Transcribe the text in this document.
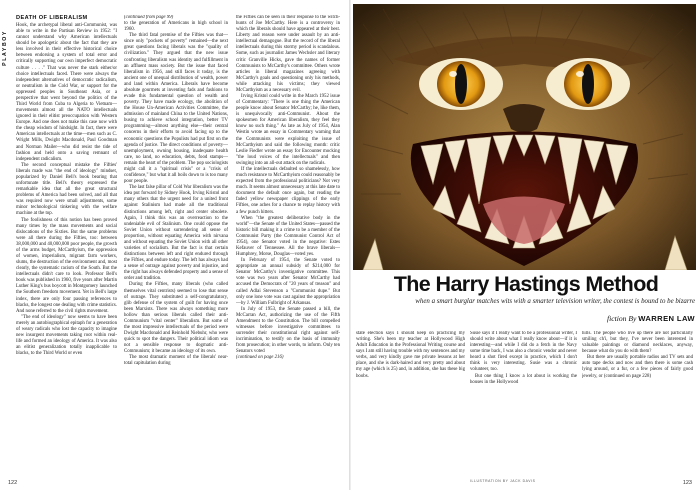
PLAYBOY
DEATH OF LIBERALISM

Hook, the archetypal liberal anti-Communist, was able to write in the Partisan Review in 1952: "I cannot understand why American intellectuals should be apologetic about the fact that they are less involved in their effective historical choice between endorsing a system of total error and critically supporting our own imperfect democratic culture . . . ." That was never the stark either/or choice intellectuals faced. There were always the independent alternatives of democratic radicalism, or neutralism in the Cold War, or support for the oppressed peoples in Southeast Asia, or a perspective that went beyond the politics of the Third World from Cuba to Algeria to Vietnam—movements almost all the NATO intellectuals ignored in their elitist preoccupation with Western Europe. And one does not make this case now with the cheap wisdom of hindsight. In fact, there were American intellectuals at the time—men such as C. Wright Mills, Dwight Macdonald, Paul Goodman and Norman Mailer—who did resist the tide of fashion and held onto a saving remnant of independent radicalism.

The second conceptual mistake the Fifties' liberals made was "the end of ideology" mindset, popularized by Daniel Bell's book bearing that unfortunate title. Bell's theory expressed the remarkable idea that all the great structural problems of America had been solved, and all that was required now were small adjustments, some minor technological tinkering with the welfare machine at the top.

The foolishness of this notion has been proved many times by the mass movements and social dislocations of the Sixties. But the same problems were all there during the Fifties, too: between 38,000,000 and 40,000,000 poor people, the growth of the arms budget, McCarthyism, the oppression of women, imperialism, migrant farm workers, slums, the destruction of the environment and, most clearly, the systematic racism of the South. But the intellectuals didn't care to look. Professor Bell's book was published in 1960, five years after Martin Luther King's bus boycott in Montgomery launched the Southern freedom movement. Yet in Bell's large index, there are only four passing references to blacks, the longest one dealing with crime statistics. And none referred to the civil rights movement.

"The end of ideology" now seems to have been merely an autobiographical epitaph for a generation of weary radicals who lost the capacity to imagine new insurgent movements taking root within real-life and formed an ideology of America. It was also an elitist generalization totally inapplicable to blacks, to the Third World or even

(continued from page 99)

to the generation of Americans in high school in 1960.

The third fatal premise of the Fifties was that—since only "pockets of poverty" remained—the next great questions facing liberals was the "quality of civilization." They argued that the new issue confronting liberalism was identity and fulfillment in an affluent mass society. But the issue that faced liberalism in 1956, and still faces it today, is the ancient one of unequal distribution of wealth, power and land within America. Liberals have become absolute gourmets at inventing fads and fashions to evade this fundamental question of wealth and poverty. They have made ecology, the abolition of the House Un-American Activities Committee, the admission of mainland China to the United Nations, busing to achieve school integration, better TV programming—almost anything else—their central concerns in their efforts to avoid facing up to the economic questions the Populists had put first on the agenda of justice. The direct conditions of poverty—unemployment, owning housing, inadequate health care, no land, no education, debts, food stamps—remain the heart of the problem. The pop sociologists might call it a "spiritual crisis" or a "crisis of confidence," but what it all boils down to is too many poor people.

The last false pillar of Cold War liberalism was the idea put forward by Sidney Hook, Irving Kristol and many others that the urgent need for a united front against Stalinism had made all the traditional distinctions among left, right and center obsolete. Again, I think this was an overreaction to the undeniable evil of Stalinism. One could oppose the Soviet Union without surrendering all sense of proportion, without equating America with nirvana and without equating the Soviet Union with all other varieties of socialism. But the fact is that certain distinctions between left and right endured through the Fifties, and endure today. The left has always had a sense of outrage against poverty and injustice, and the right has always defended property and a sense of order and tradition.

During the Fifties, many liberals (who called themselves vital centrists) seemed to lose that sense of outrage. They substituted a self-congratulatory, glib defense of the system of guilt for having once been Marxists. There was always something more hollow than serious liberals called their anti-Communism "vital center" liberalism. But some of the most impressive intellectuals of the period were Dwight Macdonald and Reinhold Niebuhr, who were quick to spot the dangers. Their political idiom was not a sensible response to dogmatic anti-Communism; it became an ideology of its own.

The most dramatic moment of the liberals' near-total capitulation during

the Fifties can be seen in their response to the witch-hunts of Joe McCarthy. Here is a controversy in which the liberals should have appeared at their best. Liberty and reason were under assault by an anti-intellectual demagogue. But the record of the liberal intellectuals during this stormy period is scandalous. Some, such as journalist James Wechsler and literary critic Granville Hicks, gave the names of former Communists to McCarthy's committee. Others wrote articles in liberal magazines agreeing with McCarthy's goals and questioning only his methods, while attacking his victims; they viewed McCarthyism as a necessary evil.

Irving Kristol could write in the March 1952 issue of Commentary: "There is one thing the American people know about Senator McCarthy; he, like them, is unequivocally anti-Communist. About the spokesmen for American liberalism, they feel they know no such thing." As late as July of 1954, Alan Westin wrote an essay in Commentary warning that the Communists were exploiting the issue of McCarthyism and said the following month: critic Leslie Fiedler wrote an essay for Encounter mocking "the loud voices of the intellectuals" and then swinging into an all-out attack on the radicals.

If the intellectuals defaulted so shamelessly, how much resistance to McCarthyism could reasonably be expected from the professional politicians? Not very much. It seems almost unnecessary at this late date to document the default once again, but reading the faded yellow newspaper clippings of the early Fifties, one aches for a chance to replay history with a few punch hitters.

When "the greatest deliberative body in the world"—the Senate of the United States—passed the historic bill making it a crime to be a member of the Communist Party (the Communist Control Act of 1954), one Senator voted in the negative: Estes Kefauver of Tennessee. All the brave liberals—Humphrey, Morse, Douglas—voted yes.

In February of 1954, the Senate voted to appropriate an annual subsidy of $214,000 for Senator McCarthy's investigative committee. This vote was two years after Senator McCarthy had accused the Democrats of "20 years of treason" and called Adlai Stevenson a "Communist dupe." But only one lone vote was cast against the appropriation—by J. William Fulbright of Arkansas.

In July of 1953, the Senate passed a bill, the McCarran Act, authorizing the use of the Fifth Amendment to the Constitution. The bill compelled witnesses before investigative committees to surrender their constitutional right against self-incrimination, to testify on the basis of immunity from prosecution; in other words, to inform. Only ten Senators voted

(continued on page 216)
122
The Harry Hastings Method
when a smart burglar matches wits with a smarter television writer, the contest is bound to be bizarre
fiction By WARREN LAW

state election says I should keep on practicing my writing. She's been my teacher at Hollywood High Adult Education in the Professional Writing course and says I am still having trouble with my sentences and my verbs, and very kindly gave me private lessons at her place, and she is dark-haired and very pretty and about my age (which is 25) and, in addition, she has these big boobs.

Susie says if I really want to be a professional writer, I should write about what I really know about—if it is interesting—and while I did do a fetch in the Navy some time back, I was also a chronic vendor and never heard a shot fired except in practice, which I don't think is very interesting. Susie was a chronic volunteer, too.

But one thing I know a lot about is working the houses in the Hollywood

hills. The people who live up there are not particularly smiling ch'i, but they, I've never been interested in valuable paintings or diamond necklaces, anyway, because what do you do with them?

But there are usually portable radios and TV sets and auto tape decks and now and then there is some cash lying around, or a fur, or a few pieces of fairly good jewelry, or (continued on page 228)

ILLUSTRATION BY JACK DAVIS	123
